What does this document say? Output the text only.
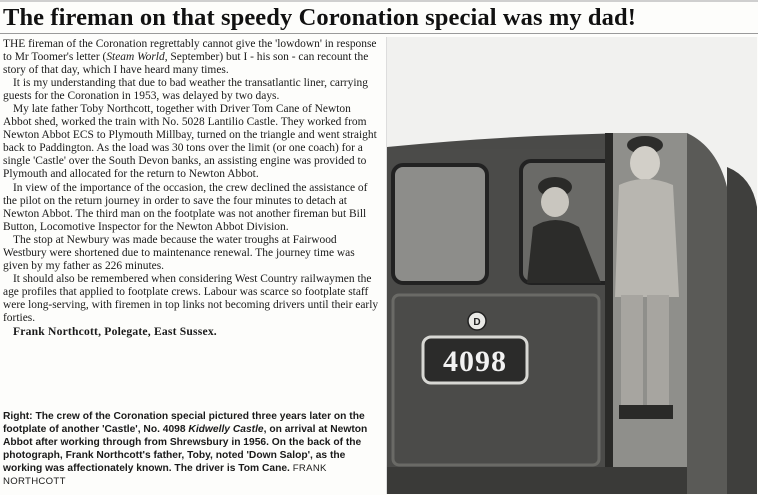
The fireman on that speedy Coronation special was my dad!

THE fireman of the Coronation regrettably cannot give the 'lowdown' in response to Mr Toomer's letter (Steam World, September) but I - his son - can recount the story of that day, which I have heard many times.

It is my understanding that due to bad weather the transatlantic liner, carrying guests for the Coronation in 1953, was delayed by two days.

My late father Toby Northcott, together with Driver Tom Cane of Newton Abbot shed, worked the train with No. 5028 Lantilio Castle. They worked from Newton Abbot ECS to Plymouth Millbay, turned on the triangle and went straight back to Paddington. As the load was 30 tons over the limit (or one coach) for a single 'Castle' over the South Devon banks, an assisting engine was provided to Plymouth and allocated for the return to Newton Abbot.

In view of the importance of the occasion, the crew declined the assistance of the pilot on the return journey in order to save the four minutes to detach at Newton Abbot. The third man on the footplate was not another fireman but Bill Button, Locomotive Inspector for the Newton Abbot Division.

The stop at Newbury was made because the water troughs at Fairwood Westbury were shortened due to maintenance renewal. The journey time was given by my father as 226 minutes.

It should also be remembered when considering West Country railwaymen the age profiles that applied to footplate crews. Labour was scarce so footplate staff were long-serving, with firemen in top links not becoming drivers until their early forties.

Frank Northcott, Polegate, East Sussex.

Right: The crew of the Coronation special pictured three years later on the footplate of another 'Castle', No. 4098 Kidwelly Castle, on arrival at Newton Abbot after working through from Shrewsbury in 1956. On the back of the photograph, Frank Northcott's father, Toby, noted 'Down Salop', as the working was affectionately known. The driver is Tom Cane. FRANK NORTHCOTT
D
4098
